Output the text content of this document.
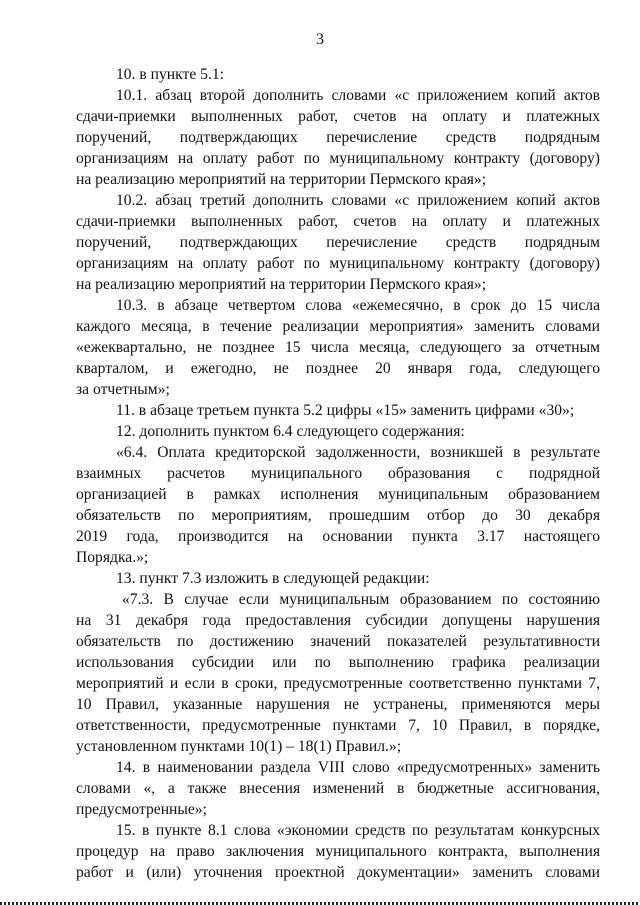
3
10. в пункте 5.1:
10.1. абзац второй дополнить словами «с приложением копий актов
сдачи-приемки выполненных работ, счетов на оплату и платежных
поручений, подтверждающих перечисление средств подрядным
организациям на оплату работ по муниципальному контракту (договору)
на реализацию мероприятий на территории Пермского края»;
10.2. абзац третий дополнить словами «с приложением копий актов
сдачи-приемки выполненных работ, счетов на оплату и платежных
поручений, подтверждающих перечисление средств подрядным
организациям на оплату работ по муниципальному контракту (договору)
на реализацию мероприятий на территории Пермского края»;
10.3. в абзаце четвертом слова «ежемесячно, в срок до 15 числа
каждого месяца, в течение реализации мероприятия» заменить словами
«ежеквартально, не позднее 15 числа месяца, следующего за отчетным
кварталом, и ежегодно, не позднее 20 января года, следующего
за отчетным»;
11. в абзаце третьем пункта 5.2 цифры «15» заменить цифрами «30»;
12. дополнить пунктом 6.4 следующего содержания:
«6.4. Оплата кредиторской задолженности, возникшей в результате
взаимных расчетов муниципального образования с подрядной
организацией в рамках исполнения муниципальным образованием
обязательств по мероприятиям, прошедшим отбор до 30 декабря
2019 года, производится на основании пункта 3.17 настоящего
Порядка.»;
13. пункт 7.3 изложить в следующей редакции:
«7.3. В случае если муниципальным образованием по состоянию
на 31 декабря года предоставления субсидии допущены нарушения
обязательств по достижению значений показателей результативности
использования субсидии или по выполнению графика реализации
мероприятий и если в сроки, предусмотренные соответственно пунктами 7,
10 Правил, указанные нарушения не устранены, применяются меры
ответственности, предусмотренные пунктами 7, 10 Правил, в порядке,
установленном пунктами 10(1) – 18(1) Правил.»;
14. в наименовании раздела VIII слово «предусмотренных» заменить
словами «, а также внесения изменений в бюджетные ассигнования,
предусмотренные»;
15. в пункте 8.1 слова «экономии средств по результатам конкурсных
процедур на право заключения муниципального контракта, выполнения
работ и (или) уточнения проектной документации» заменить словами
